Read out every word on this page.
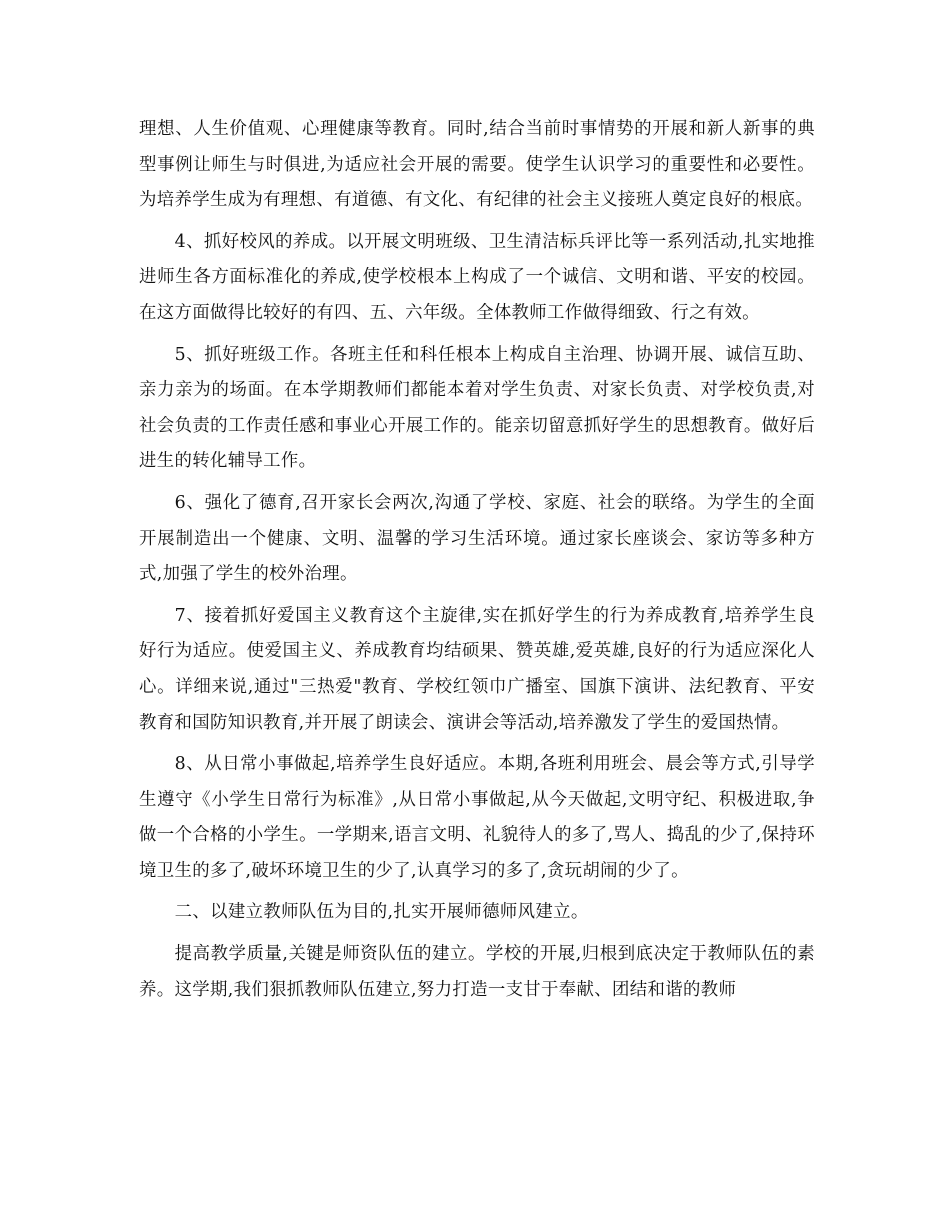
理想、人生价值观、心理健康等教育。同时,结合当前时事情势的开展和新人新事的典型事例让师生与时俱进,为适应社会开展的需要。使学生认识学习的重要性和必要性。为培养学生成为有理想、有道德、有文化、有纪律的社会主义接班人奠定良好的根底。

4、抓好校风的养成。以开展文明班级、卫生清洁标兵评比等一系列活动,扎实地推进师生各方面标准化的养成,使学校根本上构成了一个诚信、文明和谐、平安的校园。在这方面做得比较好的有四、五、六年级。全体教师工作做得细致、行之有效。

5、抓好班级工作。各班主任和科任根本上构成自主治理、协调开展、诚信互助、亲力亲为的场面。在本学期教师们都能本着对学生负责、对家长负责、对学校负责,对社会负责的工作责任感和事业心开展工作的。能亲切留意抓好学生的思想教育。做好后进生的转化辅导工作。

6、强化了德育,召开家长会两次,沟通了学校、家庭、社会的联络。为学生的全面开展制造出一个健康、文明、温馨的学习生活环境。通过家长座谈会、家访等多种方式,加强了学生的校外治理。

7、接着抓好爱国主义教育这个主旋律,实在抓好学生的行为养成教育,培养学生良好行为适应。使爱国主义、养成教育均结硕果、赞英雄,爱英雄,良好的行为适应深化人心。详细来说,通过"三热爱"教育、学校红领巾广播室、国旗下演讲、法纪教育、平安教育和国防知识教育,并开展了朗读会、演讲会等活动,培养激发了学生的爱国热情。

8、从日常小事做起,培养学生良好适应。本期,各班利用班会、晨会等方式,引导学生遵守《小学生日常行为标准》,从日常小事做起,从今天做起,文明守纪、积极进取,争做一个合格的小学生。一学期来,语言文明、礼貌待人的多了,骂人、捣乱的少了,保持环境卫生的多了,破坏环境卫生的少了,认真学习的多了,贪玩胡闹的少了。

二、以建立教师队伍为目的,扎实开展师德师风建立。

提高教学质量,关键是师资队伍的建立。学校的开展,归根到底决定于教师队伍的素养。这学期,我们狠抓教师队伍建立,努力打造一支甘于奉献、团结和谐的教师
